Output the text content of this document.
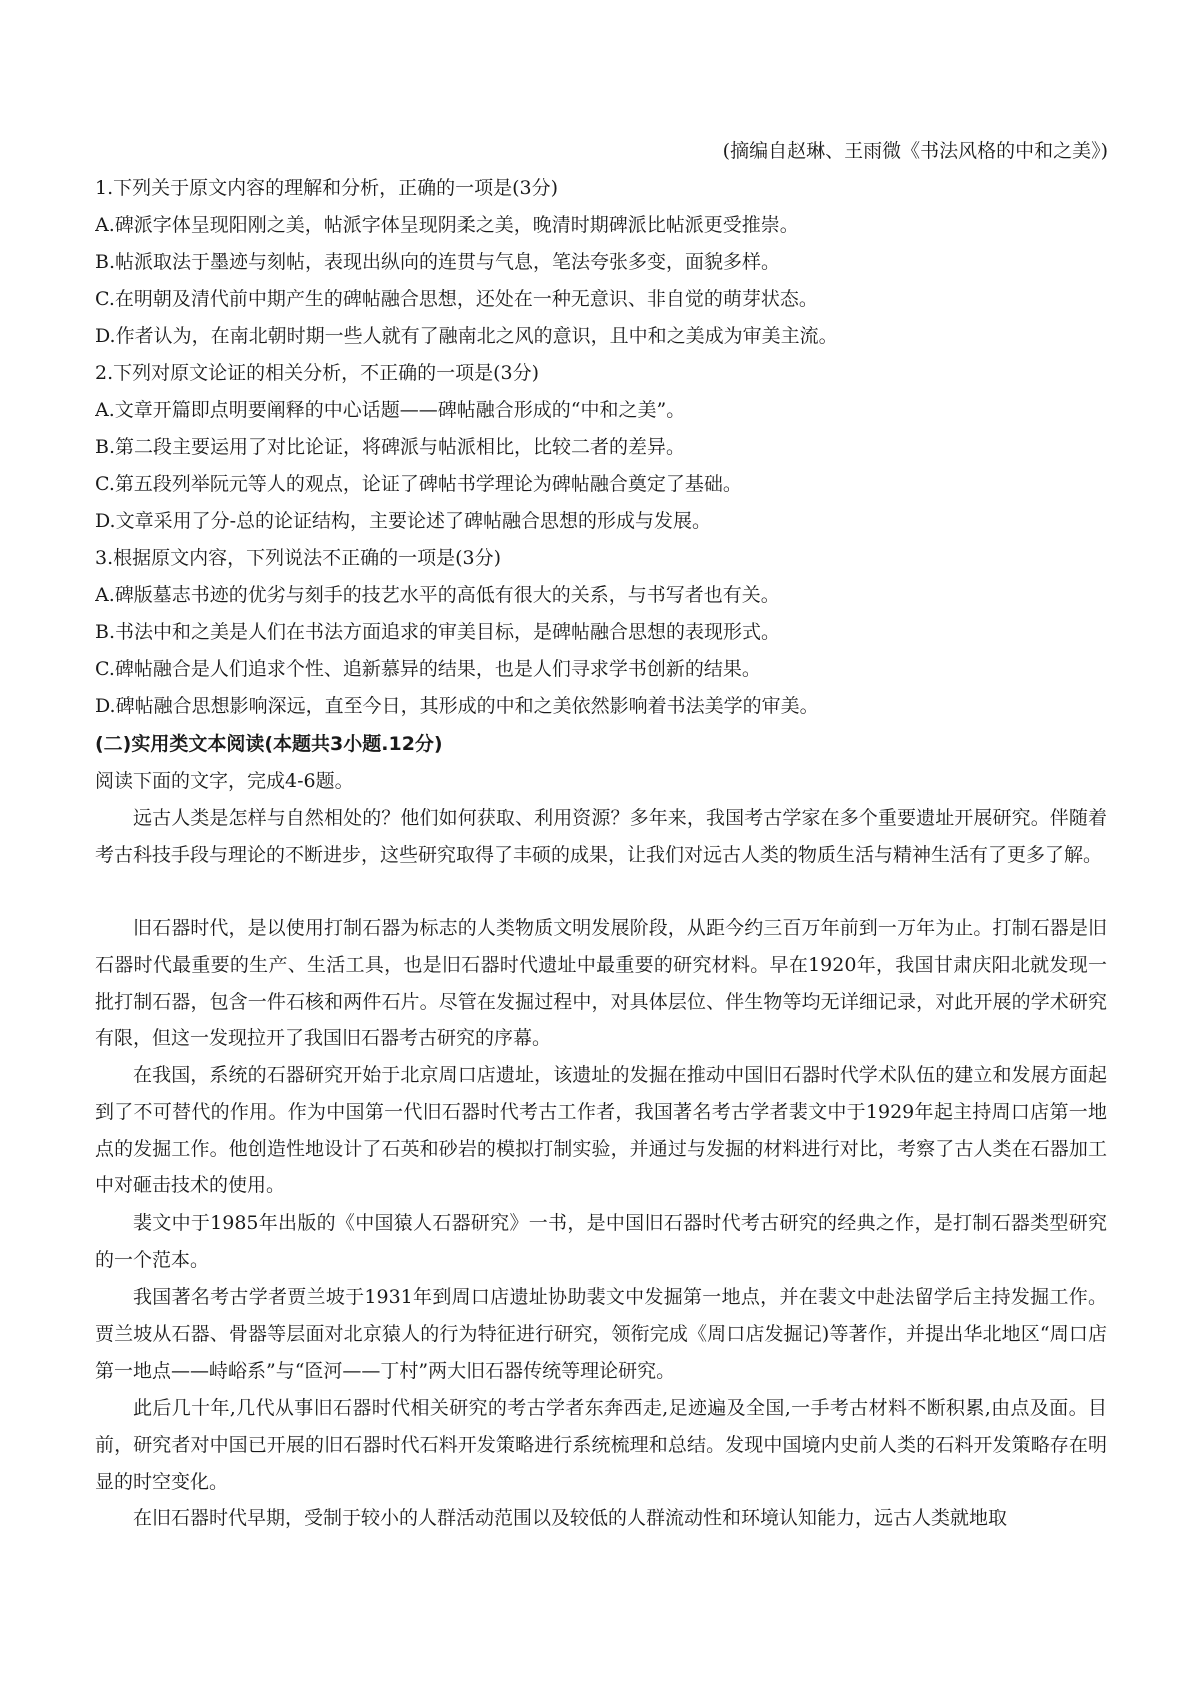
(摘编自赵琳、王雨微《书法风格的中和之美》)
1.下列关于原文内容的理解和分析，正确的一项是(3分)
A.碑派字体呈现阳刚之美，帖派字体呈现阴柔之美，晚清时期碑派比帖派更受推崇。
B.帖派取法于墨迹与刻帖，表现出纵向的连贯与气息，笔法夸张多变，面貌多样。
C.在明朝及清代前中期产生的碑帖融合思想，还处在一种无意识、非自觉的萌芽状态。
D.作者认为，在南北朝时期一些人就有了融南北之风的意识，且中和之美成为审美主流。
2.下列对原文论证的相关分析，不正确的一项是(3分)
A.文章开篇即点明要阐释的中心话题——碑帖融合形成的“中和之美”。
B.第二段主要运用了对比论证，将碑派与帖派相比，比较二者的差异。
C.第五段列举阮元等人的观点，论证了碑帖书学理论为碑帖融合奠定了基础。
D.文章采用了分-总的论证结构，主要论述了碑帖融合思想的形成与发展。
3.根据原文内容，下列说法不正确的一项是(3分)
A.碑版墓志书迹的优劣与刻手的技艺水平的高低有很大的关系，与书写者也有关。
B.书法中和之美是人们在书法方面追求的审美目标，是碑帖融合思想的表现形式。
C.碑帖融合是人们追求个性、追新慕异的结果，也是人们寻求学书创新的结果。
D.碑帖融合思想影响深远，直至今日，其形成的中和之美依然影响着书法美学的审美。
(二)实用类文本阅读(本题共3小题.12分)
阅读下面的文字，完成4-6题。
远古人类是怎样与自然相处的？他们如何获取、利用资源？多年来，我国考古学家在多个重要遗址开展研究。伴随着考古科技手段与理论的不断进步，这些研究取得了丰硕的成果，让我们对远古人类的物质生活与精神生活有了更多了解。
旧石器时代，是以使用打制石器为标志的人类物质文明发展阶段，从距今约三百万年前到一万年为止。打制石器是旧石器时代最重要的生产、生活工具，也是旧石器时代遗址中最重要的研究材料。早在1920年，我国甘肃庆阳北就发现一批打制石器，包含一件石核和两件石片。尽管在发掘过程中，对具体层位、伴生物等均无详细记录，对此开展的学术研究有限，但这一发现拉开了我国旧石器考古研究的序幕。
在我国，系统的石器研究开始于北京周口店遗址，该遗址的发掘在推动中国旧石器时代学术队伍的建立和发展方面起到了不可替代的作用。作为中国第一代旧石器时代考古工作者，我国著名考古学者裴文中于1929年起主持周口店第一地点的发掘工作。他创造性地设计了石英和砂岩的模拟打制实验，并通过与发掘的材料进行对比，考察了古人类在石器加工中对砸击技术的使用。
裴文中于1985年出版的《中国猿人石器研究》一书，是中国旧石器时代考古研究的经典之作，是打制石器类型研究的一个范本。
我国著名考古学者贾兰坡于1931年到周口店遗址协助裴文中发掘第一地点，并在裴文中赴法留学后主持发掘工作。贾兰坡从石器、骨器等层面对北京猿人的行为特征进行研究，领衔完成《周口店发掘记)等著作，并提出华北地区“周口店第一地点——峙峪系”与“匼河——丁村”两大旧石器传统等理论研究。
此后几十年,几代从事旧石器时代相关研究的考古学者东奔西走,足迹遍及全国,一手考古材料不断积累,由点及面。目前，研究者对中国已开展的旧石器时代石料开发策略进行系统梳理和总结。发现中国境内史前人类的石料开发策略存在明显的时空变化。
在旧石器时代早期，受制于较小的人群活动范围以及较低的人群流动性和环境认知能力，远古人类就地取
